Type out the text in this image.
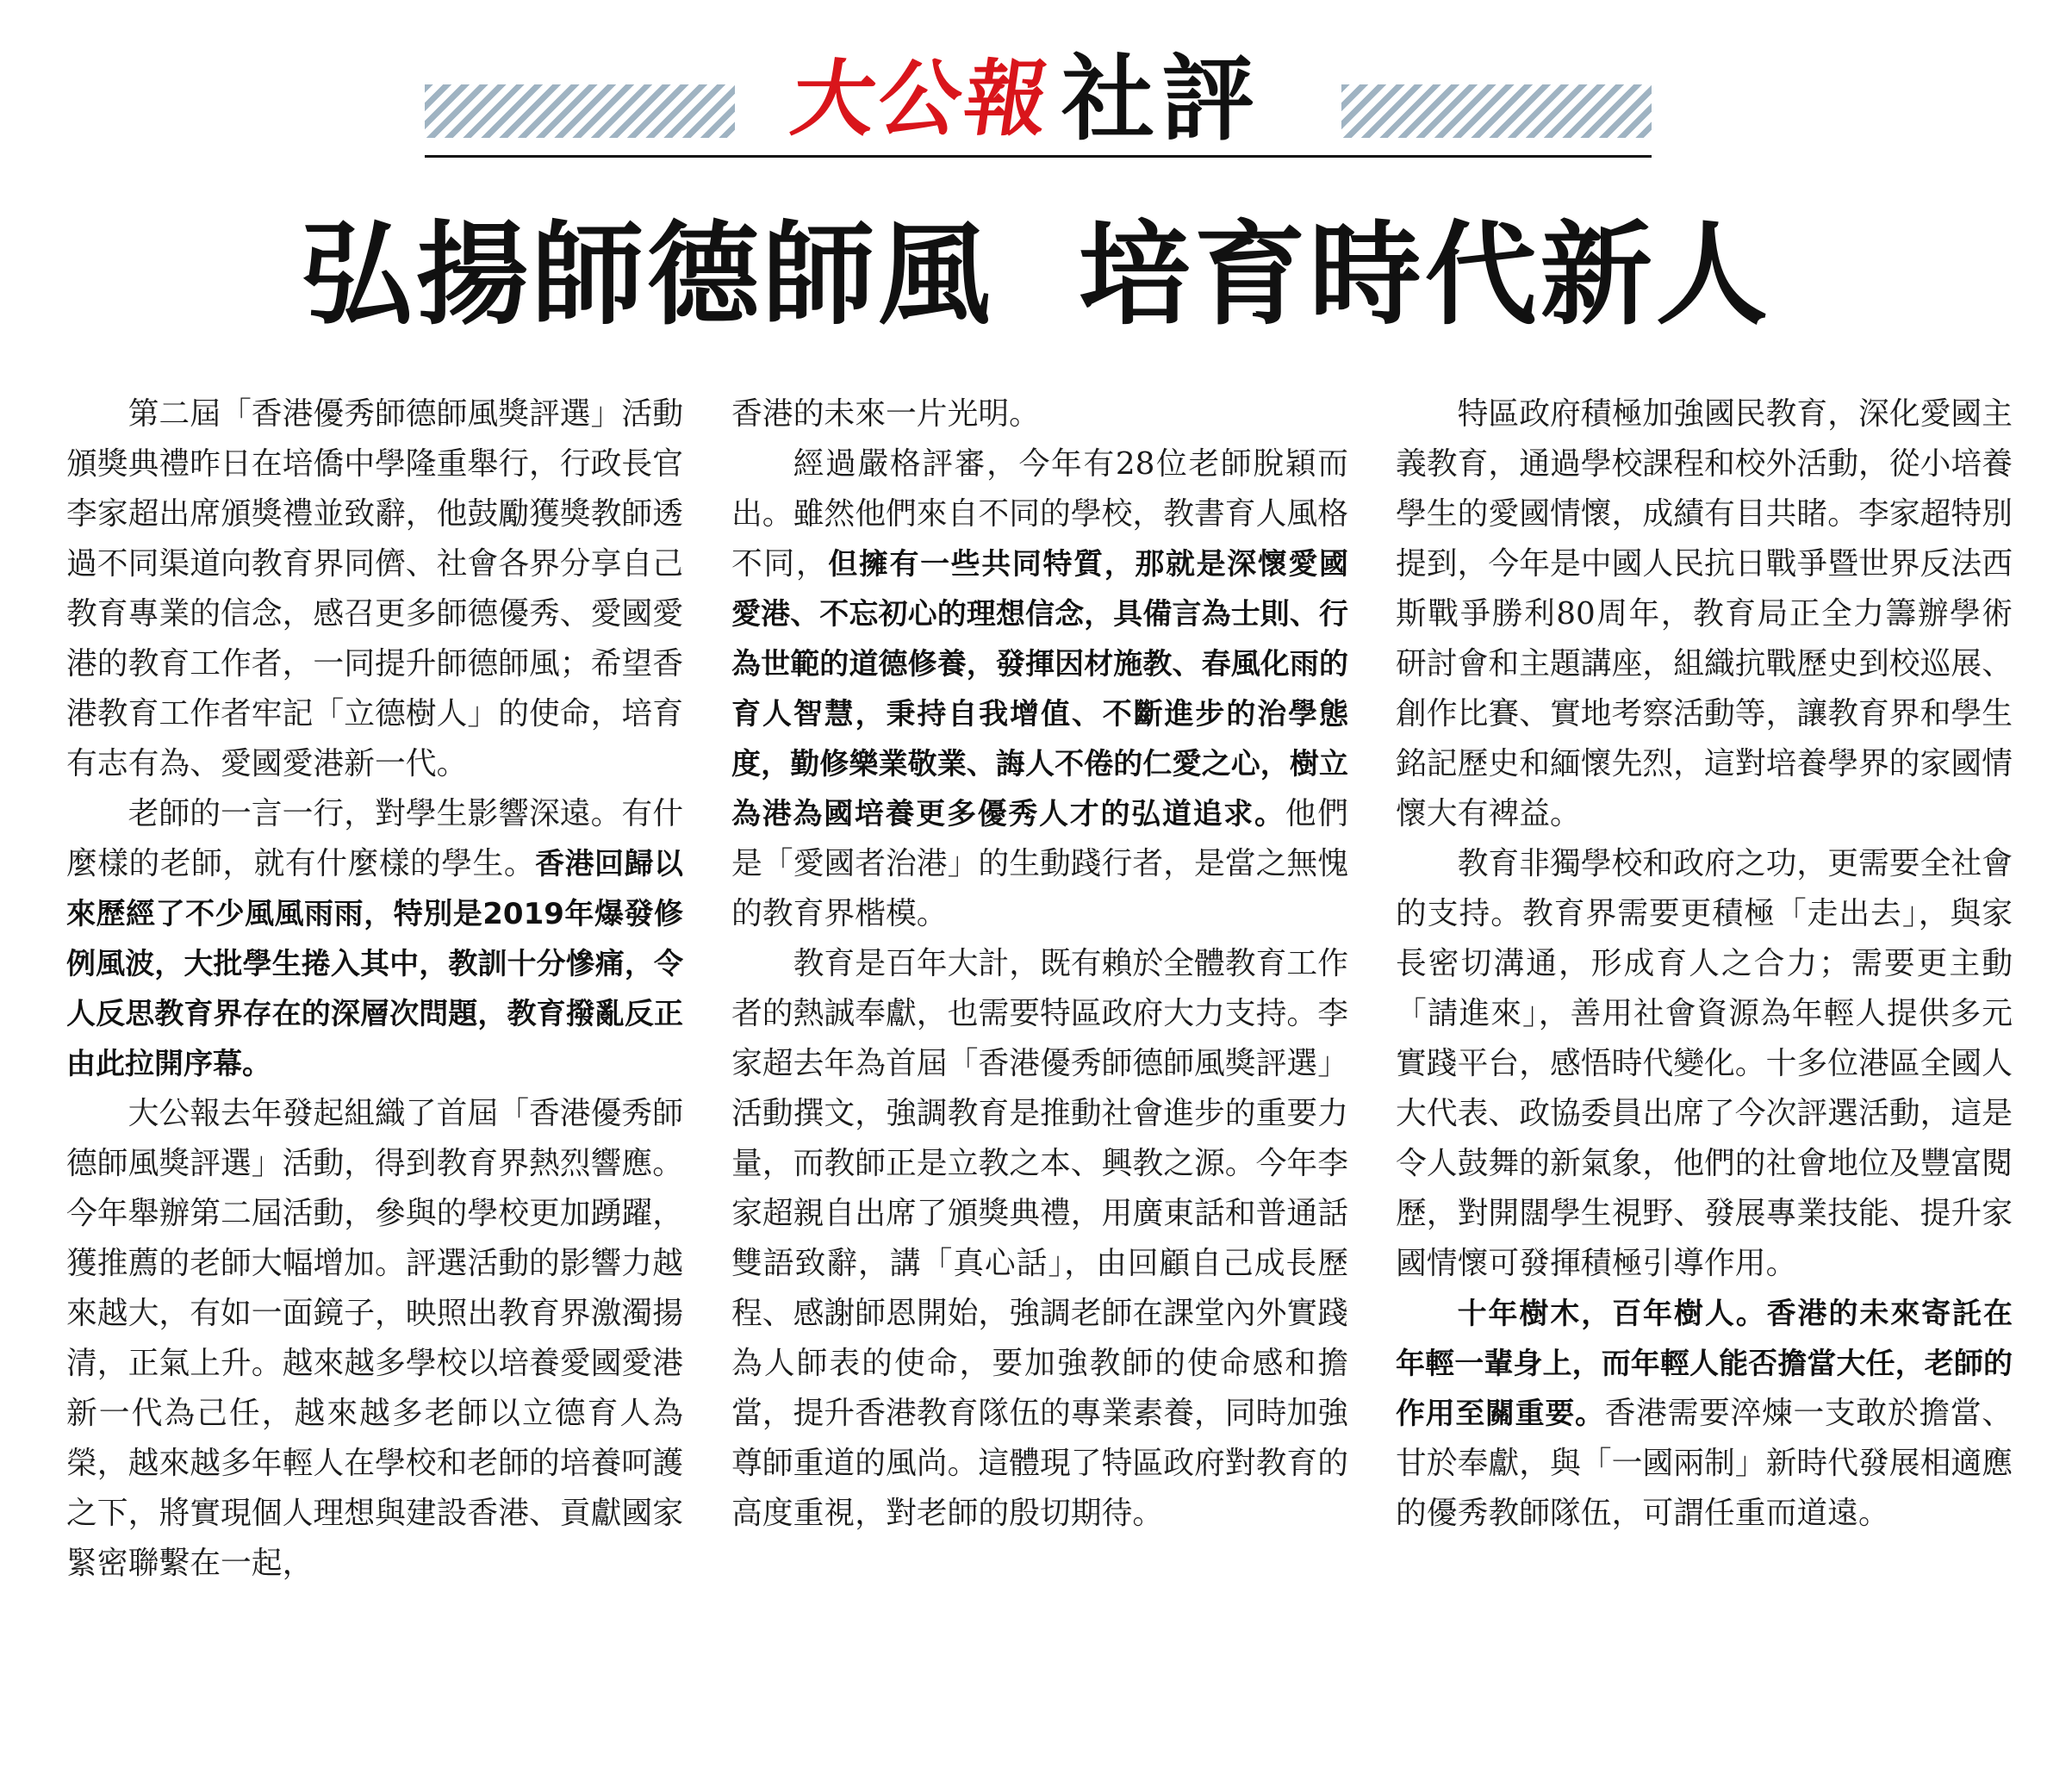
大公報 社評
弘揚師德師風  培育時代新人

第二屆「香港優秀師德師風獎評選」活動頒獎典禮昨日在培僑中學隆重舉行，行政長官李家超出席頒獎禮並致辭，他鼓勵獲獎教師透過不同渠道向教育界同儕、社會各界分享自己教育專業的信念，感召更多師德優秀、愛國愛港的教育工作者，一同提升師德師風；希望香港教育工作者牢記「立德樹人」的使命，培育有志有為、愛國愛港新一代。

老師的一言一行，對學生影響深遠。有什麼樣的老師，就有什麼樣的學生。香港回歸以來歷經了不少風風雨雨，特別是2019年爆發修例風波，大批學生捲入其中，教訓十分慘痛，令人反思教育界存在的深層次問題，教育撥亂反正由此拉開序幕。

大公報去年發起組織了首屆「香港優秀師德師風獎評選」活動，得到教育界熱烈響應。今年舉辦第二屆活動，參與的學校更加踴躍，獲推薦的老師大幅增加。評選活動的影響力越來越大，有如一面鏡子，映照出教育界激濁揚清，正氣上升。越來越多學校以培養愛國愛港新一代為己任，越來越多老師以立德育人為榮，越來越多年輕人在學校和老師的培養呵護之下，將實現個人理想與建設香港、貢獻國家緊密聯繫在一起，

香港的未來一片光明。

經過嚴格評審，今年有28位老師脫穎而出。雖然他們來自不同的學校，教書育人風格不同，但擁有一些共同特質，那就是深懷愛國愛港、不忘初心的理想信念，具備言為士則、行為世範的道德修養，發揮因材施教、春風化雨的育人智慧，秉持自我增值、不斷進步的治學態度，勤修樂業敬業、誨人不倦的仁愛之心，樹立為港為國培養更多優秀人才的弘道追求。他們是「愛國者治港」的生動踐行者，是當之無愧的教育界楷模。

教育是百年大計，既有賴於全體教育工作者的熱誠奉獻，也需要特區政府大力支持。李家超去年為首屆「香港優秀師德師風獎評選」活動撰文，強調教育是推動社會進步的重要力量，而教師正是立教之本、興教之源。今年李家超親自出席了頒獎典禮，用廣東話和普通話雙語致辭，講「真心話」，由回顧自己成長歷程、感謝師恩開始，強調老師在課堂內外實踐為人師表的使命，要加強教師的使命感和擔當，提升香港教育隊伍的專業素養，同時加強尊師重道的風尚。這體現了特區政府對教育的高度重視，對老師的殷切期待。

特區政府積極加強國民教育，深化愛國主義教育，通過學校課程和校外活動，從小培養學生的愛國情懷，成績有目共睹。李家超特別提到，今年是中國人民抗日戰爭暨世界反法西斯戰爭勝利80周年，教育局正全力籌辦學術研討會和主題講座，組織抗戰歷史到校巡展、創作比賽、實地考察活動等，讓教育界和學生銘記歷史和緬懷先烈，這對培養學界的家國情懷大有裨益。

教育非獨學校和政府之功，更需要全社會的支持。教育界需要更積極「走出去」，與家長密切溝通，形成育人之合力；需要更主動「請進來」，善用社會資源為年輕人提供多元實踐平台，感悟時代變化。十多位港區全國人大代表、政協委員出席了今次評選活動，這是令人鼓舞的新氣象，他們的社會地位及豐富閱歷，對開闊學生視野、發展專業技能、提升家國情懷可發揮積極引導作用。

十年樹木，百年樹人。香港的未來寄託在年輕一輩身上，而年輕人能否擔當大任，老師的作用至關重要。香港需要淬煉一支敢於擔當、甘於奉獻，與「一國兩制」新時代發展相適應的優秀教師隊伍，可謂任重而道遠。
